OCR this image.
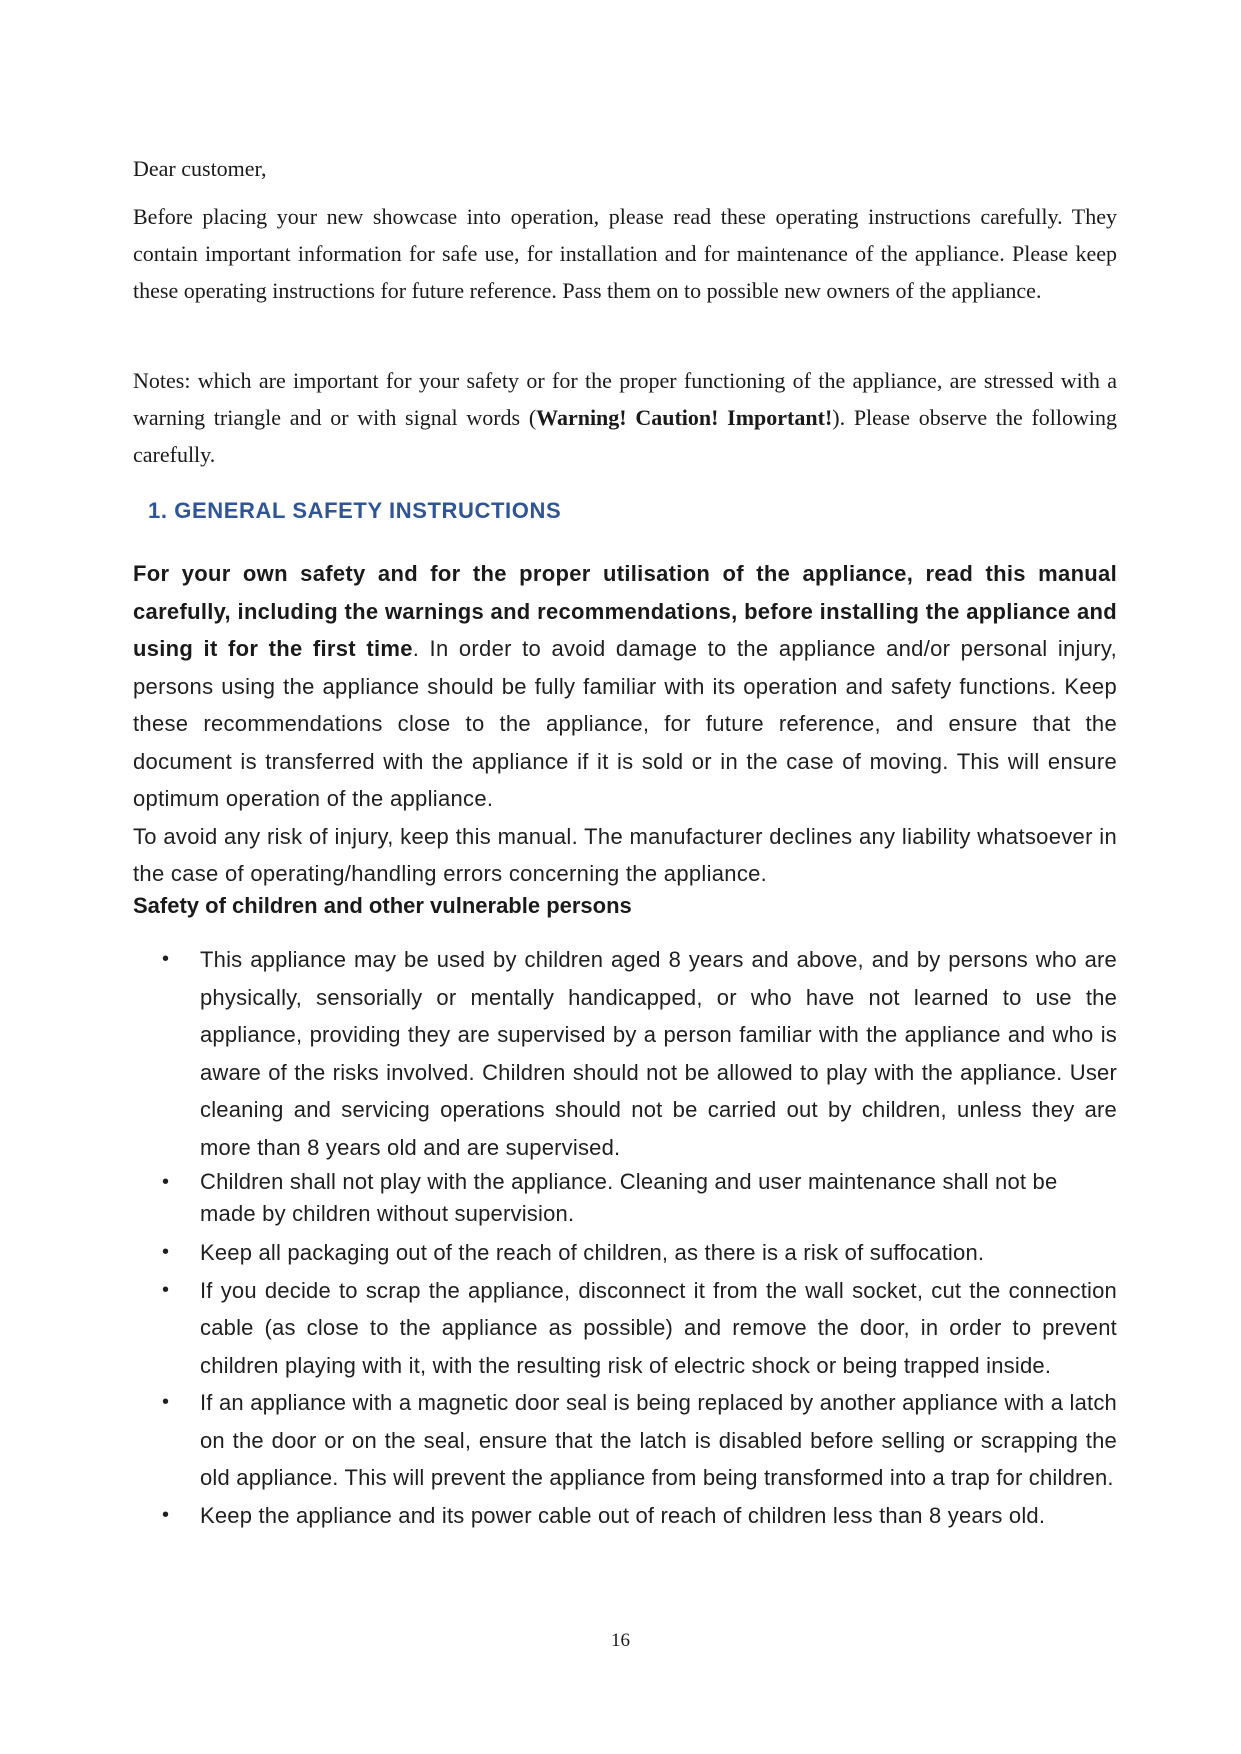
Dear customer,
Before placing your new showcase into operation, please read these operating instructions carefully. They contain important information for safe use, for installation and for maintenance of the appliance. Please keep these operating instructions for future reference. Pass them on to possible new owners of the appliance.
Notes: which are important for your safety or for the proper functioning of the appliance, are stressed with a warning triangle and or with signal words (Warning! Caution! Important!). Please observe the following carefully.
1. GENERAL SAFETY INSTRUCTIONS
For your own safety and for the proper utilisation of the appliance, read this manual carefully, including the warnings and recommendations, before installing the appliance and using it for the first time. In order to avoid damage to the appliance and/or personal injury, persons using the appliance should be fully familiar with its operation and safety functions. Keep these recommendations close to the appliance, for future reference, and ensure that the document is transferred with the appliance if it is sold or in the case of moving. This will ensure optimum operation of the appliance.
To avoid any risk of injury, keep this manual. The manufacturer declines any liability whatsoever in the case of operating/handling errors concerning the appliance.
Safety of children and other vulnerable persons
• This appliance may be used by children aged 8 years and above, and by persons who are physically, sensorially or mentally handicapped, or who have not learned to use the appliance, providing they are supervised by a person familiar with the appliance and who is aware of the risks involved. Children should not be allowed to play with the appliance. User cleaning and servicing operations should not be carried out by children, unless they are more than 8 years old and are supervised.
• Children shall not play with the appliance. Cleaning and user maintenance shall not be made by children without supervision.
• Keep all packaging out of the reach of children, as there is a risk of suffocation.
• If you decide to scrap the appliance, disconnect it from the wall socket, cut the connection cable (as close to the appliance as possible) and remove the door, in order to prevent children playing with it, with the resulting risk of electric shock or being trapped inside.
• If an appliance with a magnetic door seal is being replaced by another appliance with a latch on the door or on the seal, ensure that the latch is disabled before selling or scrapping the old appliance. This will prevent the appliance from being transformed into a trap for children.
• Keep the appliance and its power cable out of reach of children less than 8 years old.
16
